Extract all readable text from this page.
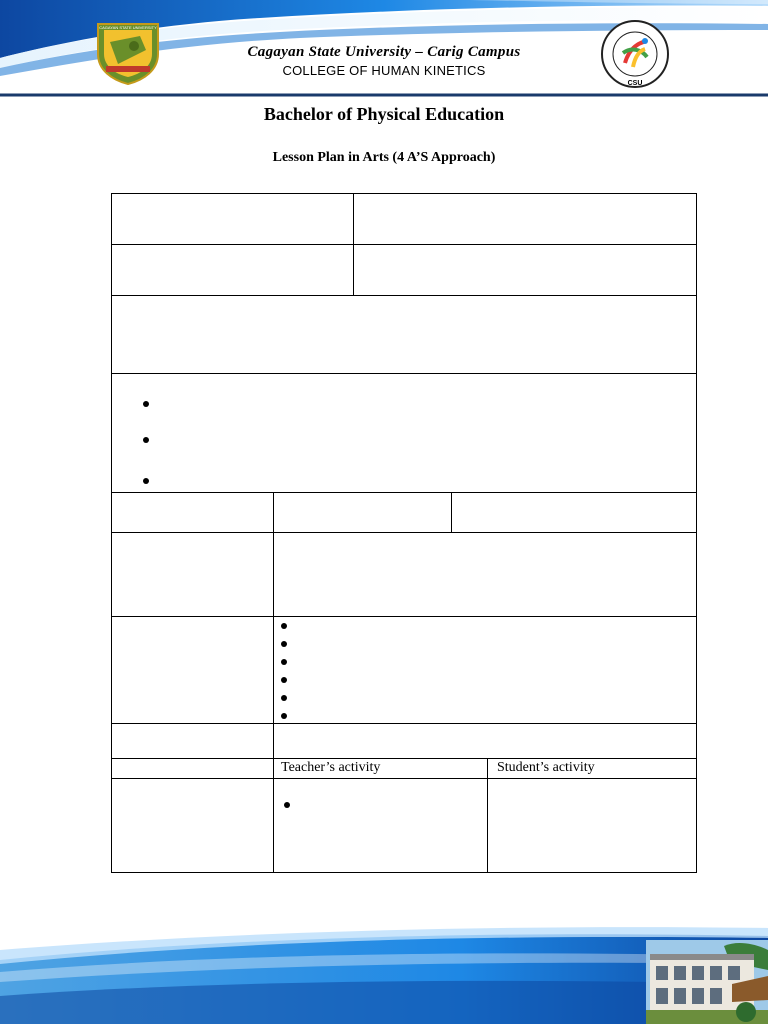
CAGAYAN STATE UNIVERSITY
Cagayan State University – Carig Campus
COLLEGE OF HUMAN KINETICS
CSU
Bachelor of Physical Education
Lesson Plan in Arts (4 A’S Approach)
Teacher’s activity	Student’s activity
